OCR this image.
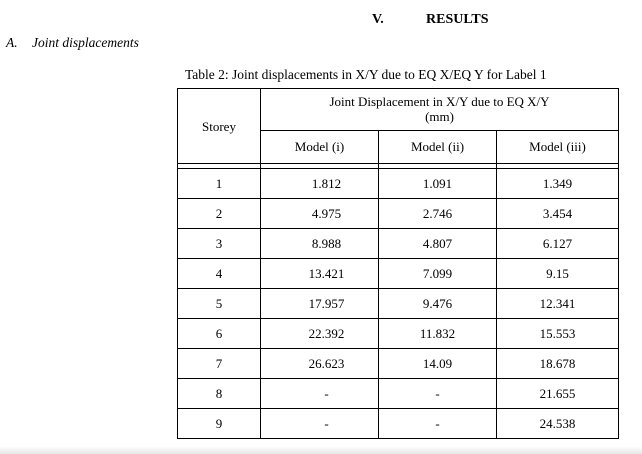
V.	RESULTS
A. Joint displacements
Table 2: Joint displacements in X/Y due to EQ X/EQ Y for Label 1
Storey	Joint Displacement in X/Y due to EQ X/Y
(mm)		

	Model (i)	Model (ii)	Model (iii)

1	1.812	1.091	1.349
2	4.975	2.746	3.454
3	8.988	4.807	6.127
4	13.421	7.099	9.15
5	17.957	9.476	12.341
6	22.392	11.832	15.553
7	26.623	14.09	18.678
8	-	-	21.655
9	-	-	24.538
